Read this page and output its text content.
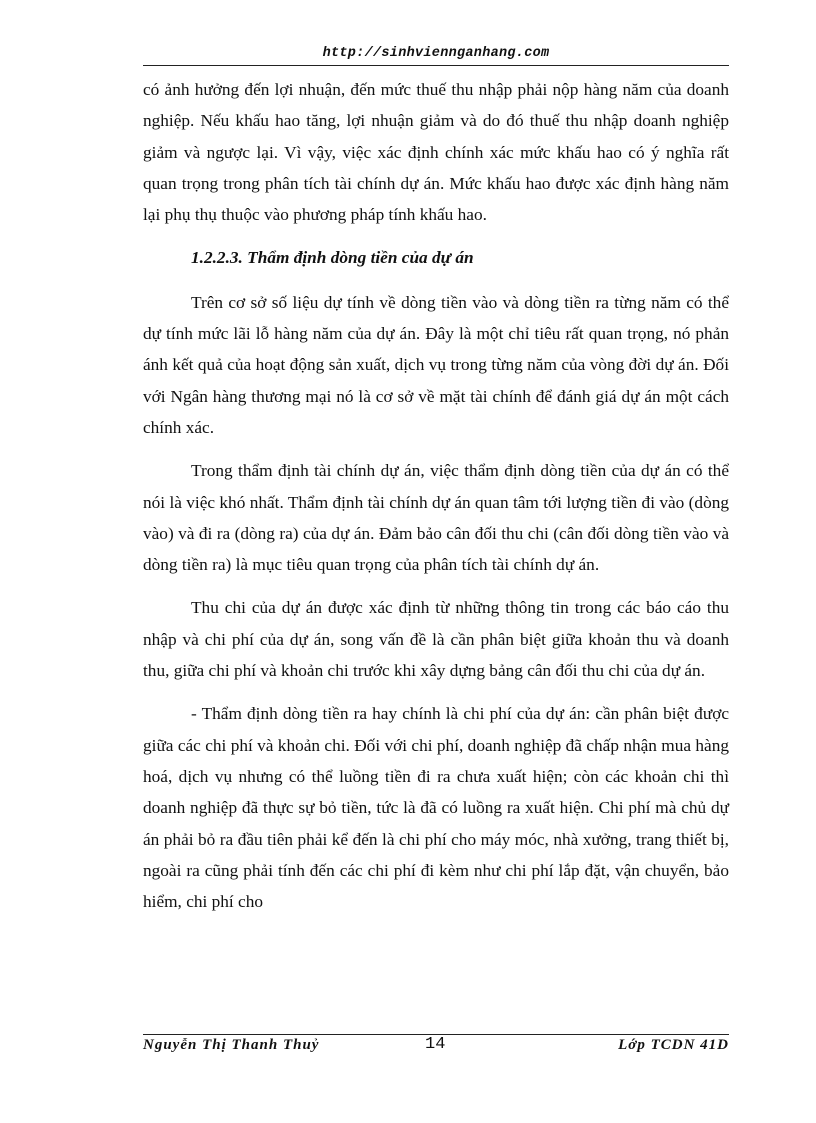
http://sinhviennganhang.com

có ảnh hưởng đến lợi nhuận, đến mức thuế thu nhập phải nộp hàng năm của doanh nghiệp. Nếu khấu hao tăng, lợi nhuận giảm và do đó thuế thu nhập doanh nghiệp giảm và ngược lại. Vì vậy, việc xác định chính xác mức khấu hao có ý nghĩa rất quan trọng trong phân tích tài chính dự án. Mức khấu hao được xác định hàng năm lại phụ thụ thuộc vào phương pháp tính khấu hao.

1.2.2.3. Thẩm định dòng tiền của dự án

Trên cơ sở số liệu dự tính về dòng tiền vào và dòng tiền ra từng năm có thể dự tính mức lãi lỗ hàng năm của dự án. Đây là một chỉ tiêu rất quan trọng, nó phản ánh kết quả của hoạt động sản xuất, dịch vụ trong từng năm của vòng đời dự án. Đối với Ngân hàng thương mại nó là cơ sở về mặt tài chính để đánh giá dự án một cách chính xác.

Trong thẩm định tài chính dự án, việc thẩm định dòng tiền của dự án có thể nói là việc khó nhất. Thẩm định tài chính dự án quan tâm tới lượng tiền đi vào (dòng vào) và đi ra (dòng ra) của dự án. Đảm bảo cân đối thu chi (cân đối dòng tiền vào và dòng tiền ra) là mục tiêu quan trọng của phân tích tài chính dự án.

Thu chi của dự án được xác định từ những thông tin trong các báo cáo thu nhập và chi phí của dự án, song vấn đề là cần phân biệt giữa khoản thu và doanh thu, giữa chi phí và khoản chi trước khi xây dựng bảng cân đối thu chi của dự án.

- Thẩm định dòng tiền ra hay chính là chi phí của dự án: cần phân biệt được giữa các chi phí và khoản chi. Đối với chi phí, doanh nghiệp đã chấp nhận mua hàng hoá, dịch vụ nhưng có thể luồng tiền đi ra chưa xuất hiện; còn các khoản chi thì doanh nghiệp đã thực sự bỏ tiền, tức là đã có luồng ra xuất hiện. Chi phí mà chủ dự án phải bỏ ra đầu tiên phải kể đến là chi phí cho máy móc, nhà xưởng, trang thiết bị, ngoài ra cũng phải tính đến các chi phí đi kèm như chi phí lắp đặt, vận chuyển, bảo hiểm, chi phí cho

Nguyễn Thị Thanh Thuỷ	14	Lớp TCDN 41D
